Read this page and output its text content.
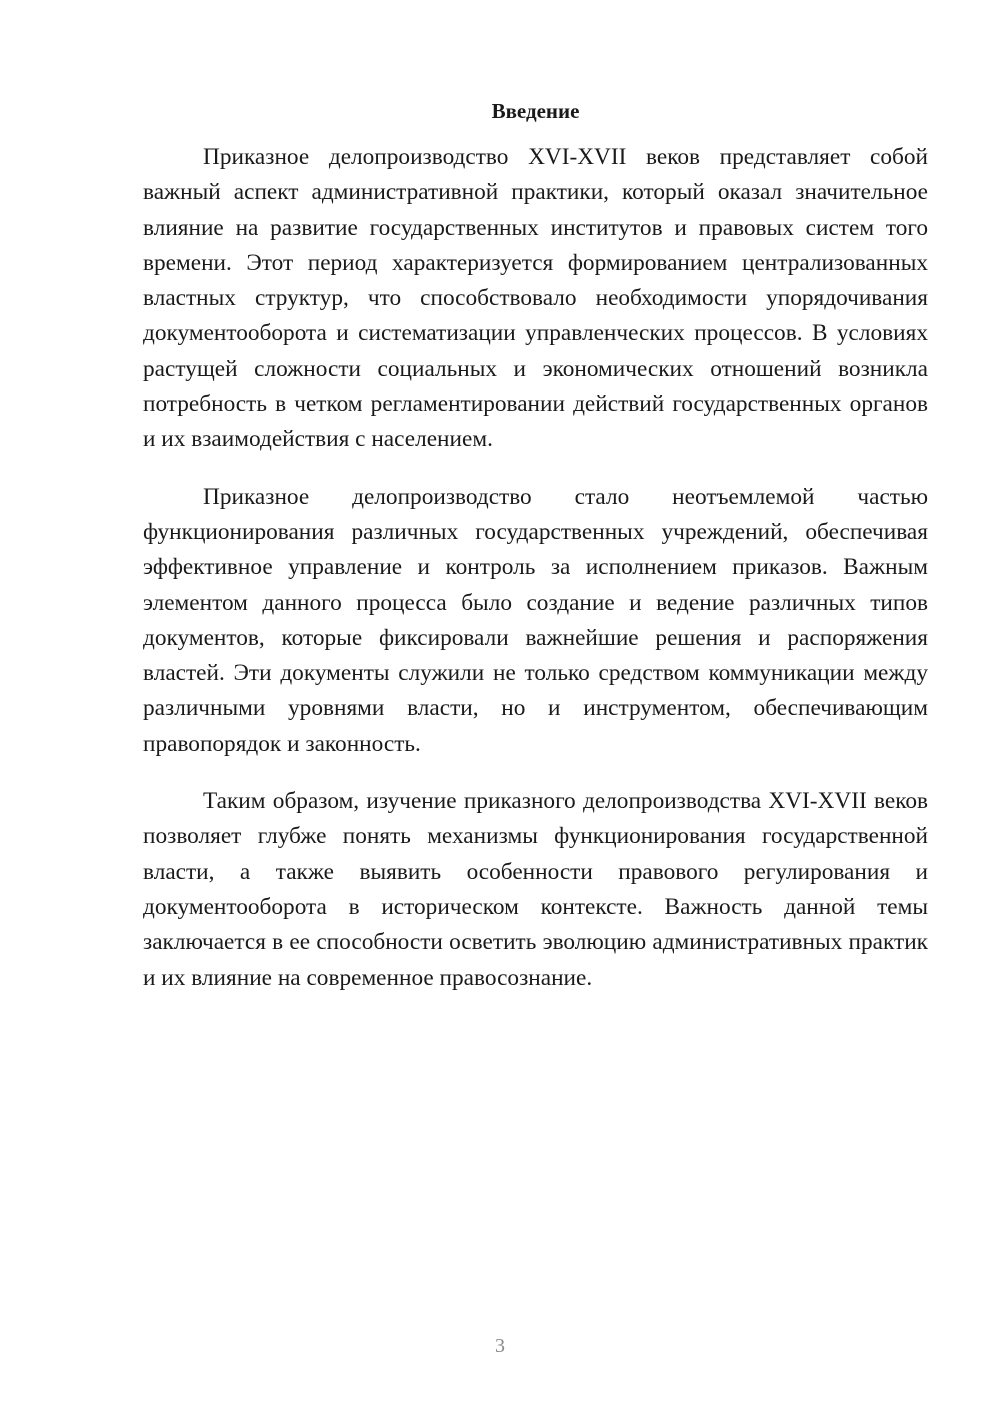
Введение

Приказное делопроизводство XVI-XVII веков представляет собой важный аспект административной практики, который оказал значительное влияние на развитие государственных институтов и правовых систем того времени. Этот период характеризуется формированием централизованных властных структур, что способствовало необходимости упорядочивания документооборота и систематизации управленческих процессов. В условиях растущей сложности социальных и экономических отношений возникла потребность в четком регламентировании действий государственных органов и их взаимодействия с населением.

Приказное делопроизводство стало неотъемлемой частью функционирования различных государственных учреждений, обеспечивая эффективное управление и контроль за исполнением приказов. Важным элементом данного процесса было создание и ведение различных типов документов, которые фиксировали важнейшие решения и распоряжения властей. Эти документы служили не только средством коммуникации между различными уровнями власти, но и инструментом, обеспечивающим правопорядок и законность.

Таким образом, изучение приказного делопроизводства XVI-XVII веков позволяет глубже понять механизмы функционирования государственной власти, а также выявить особенности правового регулирования и документооборота в историческом контексте. Важность данной темы заключается в ее способности осветить эволюцию административных практик и их влияние на современное правосознание.

3
